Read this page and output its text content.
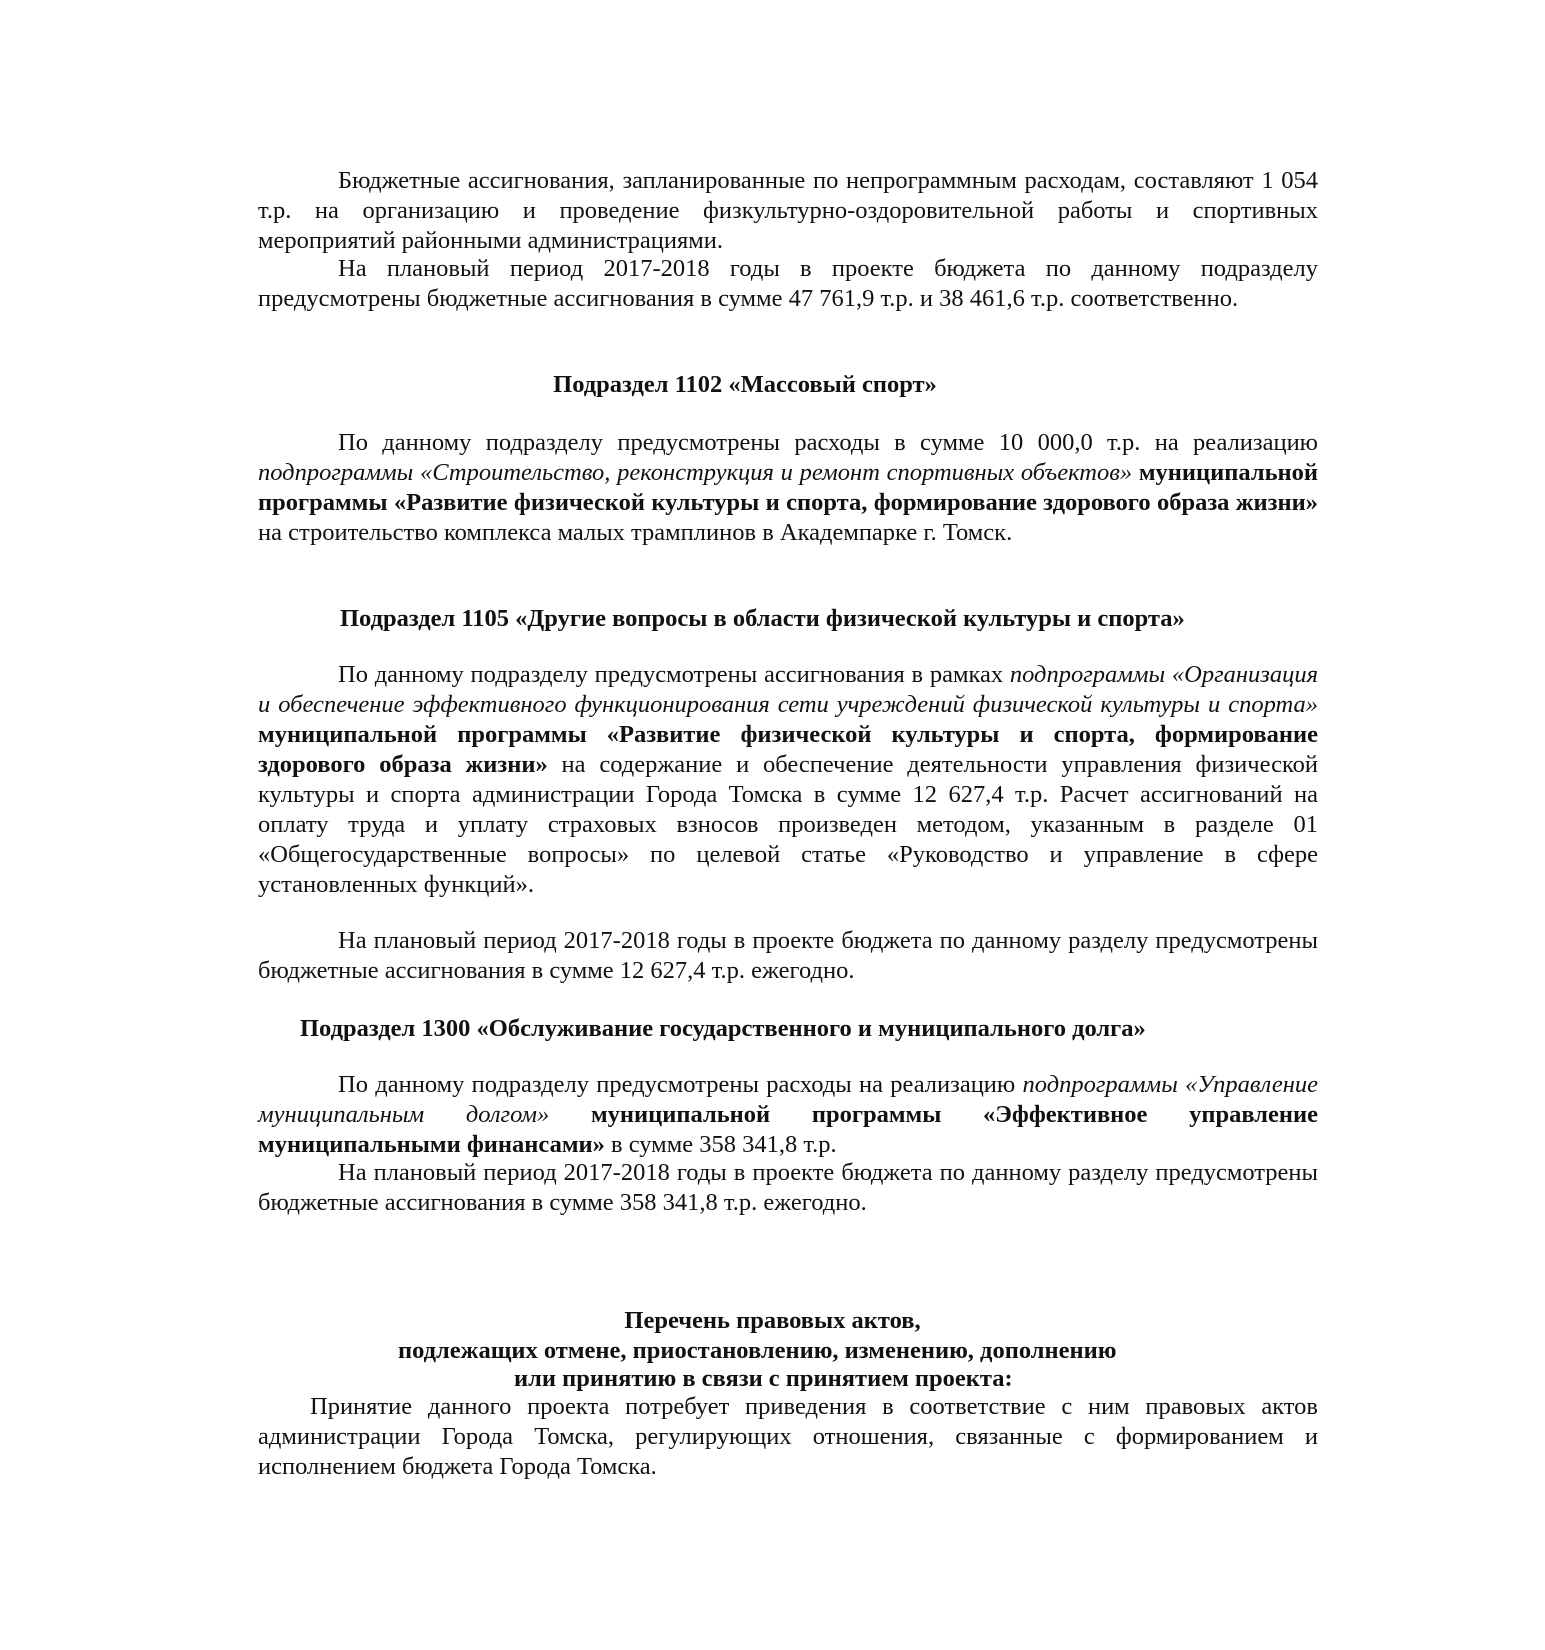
Бюджетные ассигнования, запланированные по непрограммным расходам, составляют 1 054 т.р. на организацию и проведение физкультурно-оздоровительной работы и спортивных мероприятий районными администрациями.

На плановый период 2017-2018 годы в проекте бюджета по данному подразделу предусмотрены бюджетные ассигнования в сумме 47 761,9 т.р. и 38 461,6 т.р. соответственно.

Подраздел 1102 «Массовый спорт»

По данному подразделу предусмотрены расходы в сумме 10 000,0 т.р. на реализацию подпрограммы «Строительство, реконструкция и ремонт спортивных объектов» муниципальной программы «Развитие физической культуры и спорта, формирование здорового образа жизни» на строительство комплекса малых трамплинов в Академпарке г. Томск.

Подраздел 1105 «Другие вопросы в области физической культуры и спорта»

По данному подразделу предусмотрены ассигнования в рамках подпрограммы «Организация и обеспечение эффективного функционирования сети учреждений физической культуры и спорта» муниципальной программы «Развитие физической культуры и спорта, формирование здорового образа жизни» на содержание и обеспечение деятельности управления физической культуры и спорта администрации Города Томска в сумме 12 627,4 т.р. Расчет ассигнований на оплату труда и уплату страховых взносов произведен методом, указанным в разделе 01 «Общегосударственные вопросы» по целевой статье «Руководство и управление в сфере установленных функций».

На плановый период 2017-2018 годы в проекте бюджета по данному разделу предусмотрены бюджетные ассигнования в сумме 12 627,4 т.р. ежегодно.

Подраздел 1300 «Обслуживание государственного и муниципального долга»

По данному подразделу предусмотрены расходы на реализацию подпрограммы «Управление муниципальным долгом» муниципальной программы «Эффективное управление муниципальными финансами» в сумме 358 341,8 т.р.

На плановый период 2017-2018 годы в проекте бюджета по данному разделу предусмотрены бюджетные ассигнования в сумме 358 341,8 т.р. ежегодно.

Перечень правовых актов,
подлежащих отмене, приостановлению, изменению, дополнению
или принятию в связи с принятием проекта:

Принятие данного проекта потребует приведения в соответствие с ним правовых актов администрации Города Томска, регулирующих отношения, связанные с формированием и исполнением бюджета Города Томска.
